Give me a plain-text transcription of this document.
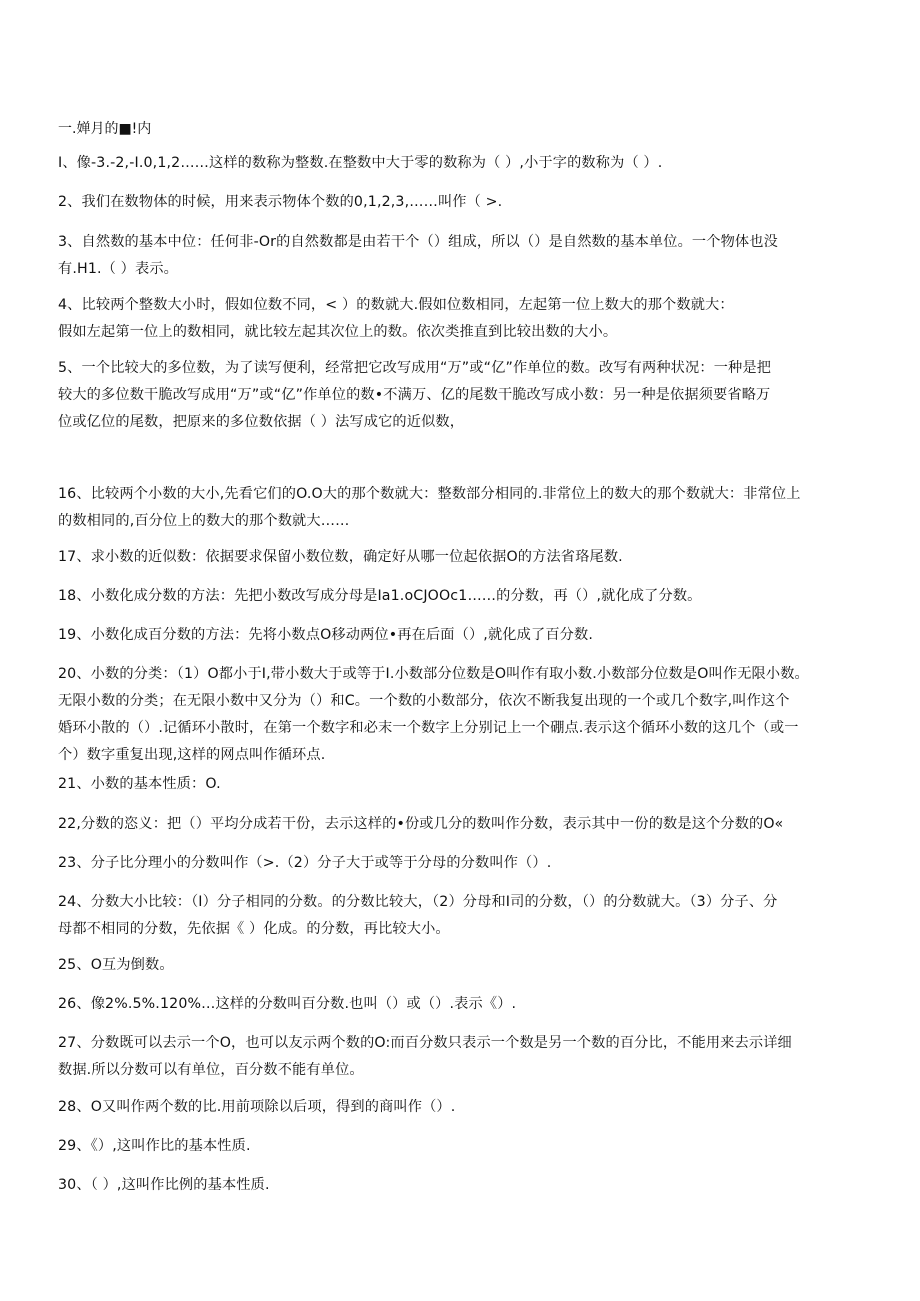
一.婵月的■!内
I、像-3.-2,-I.0,1,2……这样的数称为整数.在整数中大于零的数称为（ ）,小于字的数称为（ ）.
2、我们在数物体的时候，用来表示物体个数的0,1,2,3,……叫作（ >.
3、自然数的基本中位：任何非-Or的自然数都是由若干个（）组成，所以（）是自然数的基本单位。一个物体也没
有.H1.（ ）表示。
4、比较两个整数大小时，假如位数不同，< ）的数就大.假如位数相同，左起第一位上数大的那个数就大：
假如左起第一位上的数相同，就比较左起其次位上的数。依次类推直到比较出数的大小。
5、一个比较大的多位数，为了读写便利，经常把它改写成用“万”或“亿”作单位的数。改写有两种状况：一种是把
较大的多位数干脆改写成用“万”或“亿”作单位的数•不满万、亿的尾数干脆改写成小数：另一种是依据须要省略万
位或亿位的尾数，把原来的多位数依据（ ）法写成它的近似数，
16、比较两个小数的大小,先看它们的O.O大的那个数就大：整数部分相同的.非常位上的数大的那个数就大：非常位上
的数相同的,百分位上的数大的那个数就大……
17、求小数的近似数：依据要求保留小数位数，确定好从哪一位起依据O的方法省珞尾数.
18、小数化成分数的方法：先把小数改写成分母是Ia1.oCJOOc1……的分数，再（）,就化成了分数。
19、小数化成百分数的方法：先将小数点O移动两位•再在后面（）,就化成了百分数.
20、小数的分类：（1）O都小于I,带小数大于或等于I.小数部分位数是O叫作有取小数.小数部分位数是O叫作无限小数。
无限小数的分类；在无限小数中又分为（）和C。一个数的小数部分，依次不断我复出现的一个或几个数字,叫作这个
婚环小散的（）.记循环小散时，在第一个数字和必末一个数字上分别记上一个硼点.表示这个循环小数的这几个（或一
个）数字重复出现,这样的网点叫作循环点.
21、小数的基本性质：O.
22,分数的恣义：把（）平均分成若干份，去示这样的•份或几分的数叫作分数，表示其中一份的数是这个分数的O«
23、分子比分理小的分数叫作（>.（2）分子大于或等于分母的分数叫作（）.
24、分数大小比较：（I）分子相同的分数。的分数比较大，（2）分母和I司的分数，（）的分数就大。（3）分子、分
母都不相同的分数，先依据《 ）化成。的分数，再比较大小。
25、O互为倒数。
26、像2%.5%.120%…这样的分数叫百分数.也叫（）或（）.表示《）.
27、分数既可以去示一个O，也可以友示两个数的O:而百分数只表示一个数是另一个数的百分比，不能用来去示详细
数据.所以分数可以有单位，百分数不能有单位。
28、O又叫作两个数的比.用前项除以后项，得到的商叫作（）.
29、《）,这叫作比的基本性质.
30、（ ）,这叫作比例的基本性质.
